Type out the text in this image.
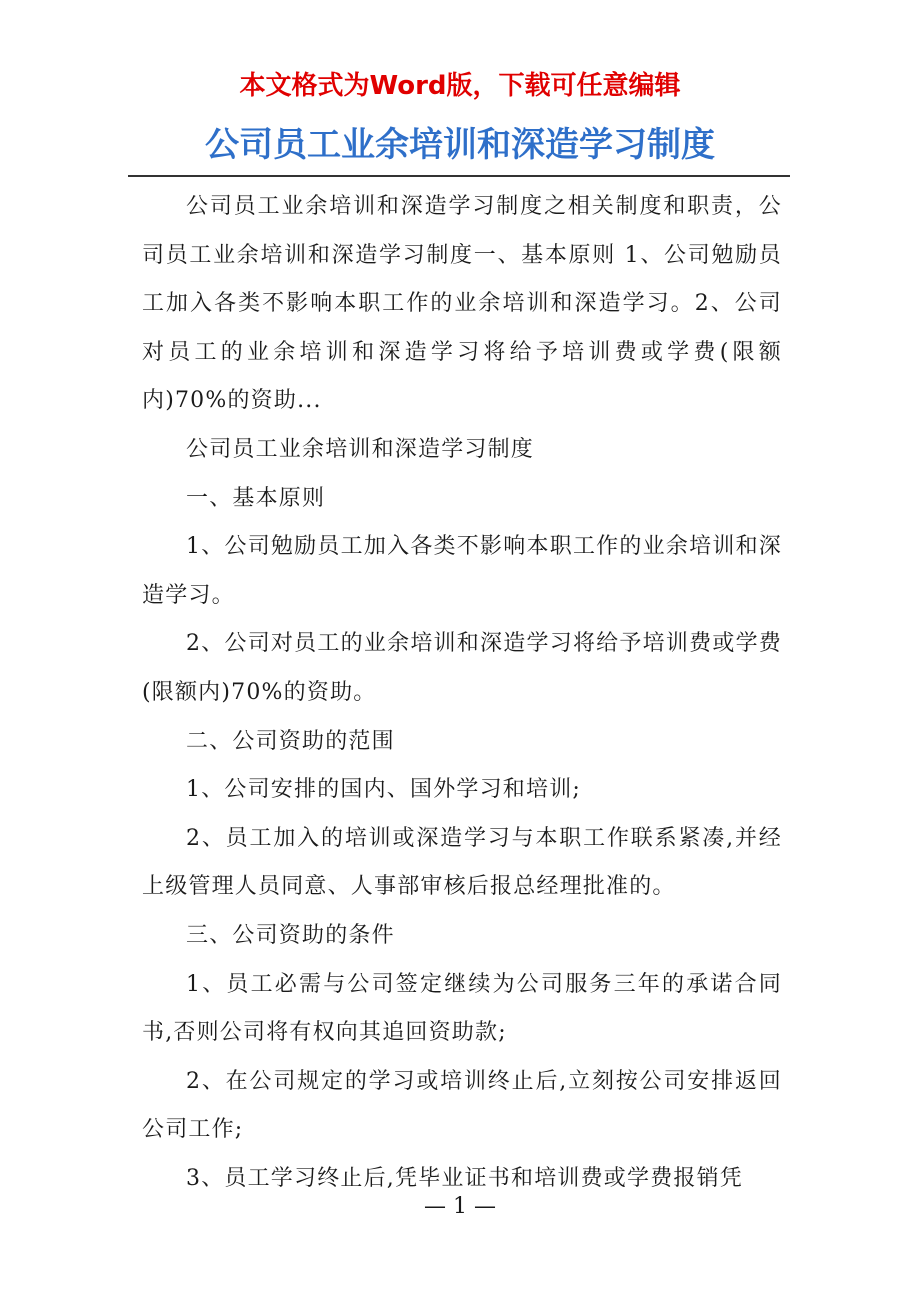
本文格式为Word版，下载可任意编辑
公司员工业余培训和深造学习制度

公司员工业余培训和深造学习制度之相关制度和职责，公司员工业余培训和深造学习制度一、基本原则 1、公司勉励员工加入各类不影响本职工作的业余培训和深造学习。2、公司对员工的业余培训和深造学习将给予培训费或学费(限额内)70%的资助...

公司员工业余培训和深造学习制度

一、基本原则

1、公司勉励员工加入各类不影响本职工作的业余培训和深造学习。

2、公司对员工的业余培训和深造学习将给予培训费或学费(限额内)70%的资助。

二、公司资助的范围

1、公司安排的国内、国外学习和培训;

2、员工加入的培训或深造学习与本职工作联系紧凑,并经上级管理人员同意、人事部审核后报总经理批准的。

三、公司资助的条件

1、员工必需与公司签定继续为公司服务三年的承诺合同书,否则公司将有权向其追回资助款;

2、在公司规定的学习或培训终止后,立刻按公司安排返回公司工作;

3、员工学习终止后,凭毕业证书和培训费或学费报销凭

— 1 —
